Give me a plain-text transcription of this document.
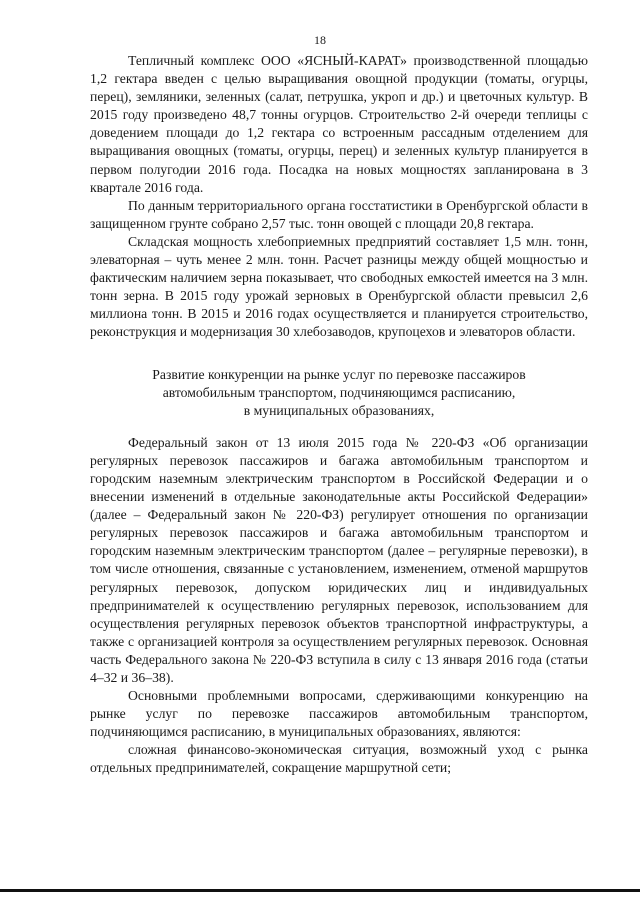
18

Тепличный комплекс ООО «ЯСНЫЙ-КАРАТ» производственной площадью 1,2 гектара введен с целью выращивания овощной продукции (томаты, огурцы, перец), земляники, зеленных (салат, петрушка, укроп и др.) и цветочных культур. В 2015 году произведено 48,7 тонны огурцов. Строительство 2-й очереди теплицы с доведением площади до 1,2 гектара со встроенным рассадным отделением для выращивания овощных (томаты, огурцы, перец) и зеленных культур планируется в первом полугодии 2016 года. Посадка на новых мощностях запланирована в 3 квартале 2016 года.

По данным территориального органа госстатистики в Оренбургской области в защищенном грунте собрано 2,57 тыс. тонн овощей с площади 20,8 гектара.

Складская мощность хлебоприемных предприятий составляет 1,5 млн. тонн, элеваторная – чуть менее 2 млн. тонн. Расчет разницы между общей мощностью и фактическим наличием зерна показывает, что свободных емкостей имеется на 3 млн. тонн зерна. В 2015 году урожай зерновых в Оренбургской области превысил 2,6 миллиона тонн. В 2015 и 2016 годах осуществляется и планируется строительство, реконструкция и модернизация 30 хлебозаводов, крупоцехов и элеваторов области.

Развитие конкуренции на рынке услуг по перевозке пассажиров
автомобильным транспортом, подчиняющимся расписанию,
в муниципальных образованиях,

Федеральный закон от 13 июля 2015 года № 220-ФЗ «Об организации регулярных перевозок пассажиров и багажа автомобильным транспортом и городским наземным электрическим транспортом в Российской Федерации и о внесении изменений в отдельные законодательные акты Российской Федерации» (далее – Федеральный закон № 220-ФЗ) регулирует отношения по организации регулярных перевозок пассажиров и багажа автомобильным транспортом и городским наземным электрическим транспортом (далее – регулярные перевозки), в том числе отношения, связанные с установлением, изменением, отменой маршрутов регулярных перевозок, допуском юридических лиц и индивидуальных предпринимателей к осуществлению регулярных перевозок, использованием для осуществления регулярных перевозок объектов транспортной инфраструктуры, а также с организацией контроля за осуществлением регулярных перевозок. Основная часть Федерального закона № 220-ФЗ вступила в силу с 13 января 2016 года (статьи 4–32 и 36–38).

Основными проблемными вопросами, сдерживающими конкуренцию на рынке услуг по перевозке пассажиров автомобильным транспортом, подчиняющимся расписанию, в муниципальных образованиях, являются:

сложная финансово-экономическая ситуация, возможный уход с рынка отдельных предпринимателей, сокращение маршрутной сети;
